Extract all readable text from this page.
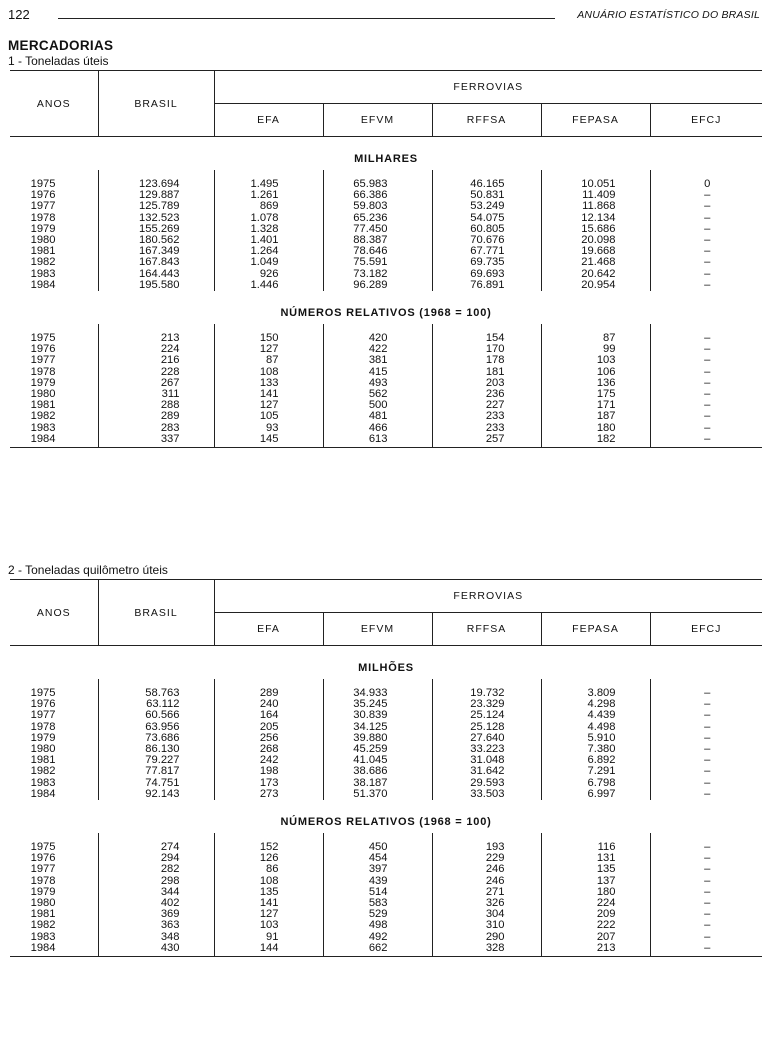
122	ANUÁRIO ESTATÍSTICO DO BRASIL
MERCADORIAS
1 - Toneladas úteis
ANOS	BRASIL	FERROVIAS				
		EFA	EFVM	RFFSA	FEPASA	EFCJ

MILHARES						

1975	123.694	1.495	65.983	46.165	10.051	0
1976	129.887	1.261	66.386	50.831	11.409	–
1977	125.789	869	59.803	53.249	11.868	–
1978	132.523	1.078	65.236	54.075	12.134	–
1979	155.269	1.328	77.450	60.805	15.686	–
1980	180.562	1.401	88.387	70.676	20.098	–
1981	167.349	1.264	78.646	67.771	19.668	–
1982	167.843	1.049	75.591	69.735	21.468	–
1983	164.443	926	73.182	69.693	20.642	–
1984	195.580	1.446	96.289	76.891	20.954	–

NÚMEROS RELATIVOS (1968 = 100)						

1975	213	150	420	154	87	–
1976	224	127	422	170	99	–
1977	216	87	381	178	103	–
1978	228	108	415	181	106	–
1979	267	133	493	203	136	–
1980	311	141	562	236	175	–
1981	288	127	500	227	171	–
1982	289	105	481	233	187	–
1983	283	93	466	233	180	–
1984	337	145	613	257	182	–
2 - Toneladas quilômetro úteis
ANOS	BRASIL	FERROVIAS				
		EFA	EFVM	RFFSA	FEPASA	EFCJ

MILHÕES						

1975	58.763	289	34.933	19.732	3.809	–
1976	63.112	240	35.245	23.329	4.298	–
1977	60.566	164	30.839	25.124	4.439	–
1978	63.956	205	34.125	25.128	4.498	–
1979	73.686	256	39.880	27.640	5.910	–
1980	86.130	268	45.259	33.223	7.380	–
1981	79.227	242	41.045	31.048	6.892	–
1982	77.817	198	38.686	31.642	7.291	–
1983	74.751	173	38.187	29.593	6.798	–
1984	92.143	273	51.370	33.503	6.997	–

NÚMEROS RELATIVOS (1968 = 100)						

1975	274	152	450	193	116	–
1976	294	126	454	229	131	–
1977	282	86	397	246	135	–
1978	298	108	439	246	137	–
1979	344	135	514	271	180	–
1980	402	141	583	326	224	–
1981	369	127	529	304	209	–
1982	363	103	498	310	222	–
1983	348	91	492	290	207	–
1984	430	144	662	328	213	–
